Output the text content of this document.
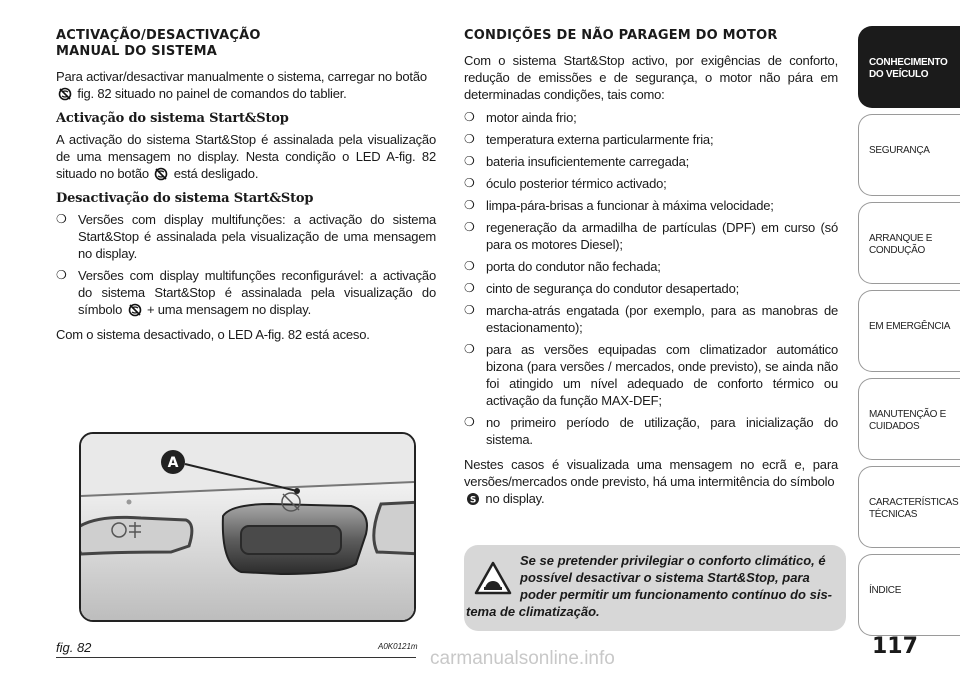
ACTIVAÇÃO/DESACTIVAÇÃO
MANUAL DO SISTEMA

Para activar/desactivar manualmente o sistema, carregar no botão
fig. 82 situado no painel de comandos do tablier.

Activação do sistema Start&Stop

A activação do sistema Start&Stop é assinalada pela visualização de uma mensagem no display. Nesta condição o LED A-fig. 82 situado no botão está desligado.

Desactivação do sistema Start&Stop
❍ Versões com display multifunções: a activação do sistema Start&Stop é assinalada pela visualização de uma mensagem no display.
❍ Versões com display multifunções reconfigurável: a activação do sistema Start&Stop é assinalada pela visualização do símbolo + uma mensagem no display.

Com o sistema desactivado, o LED A-fig. 82 está aceso.

A
fig. 82	A0K0121m
CONDIÇÕES DE NÃO PARAGEM DO MOTOR

Com o sistema Start&Stop activo, por exigências de conforto, redução de emissões e de segurança, o motor não pára em determinadas condições, tais como:

❍ motor ainda frio;
❍ temperatura externa particularmente fria;
❍ bateria insuficientemente carregada;
❍ óculo posterior térmico activado;
❍ limpa-pára-brisas a funcionar à máxima velocidade;
❍ regeneração da armadilha de partículas (DPF) em curso (só para os motores Diesel);
❍ porta do condutor não fechada;
❍ cinto de segurança do condutor desapertado;
❍ marcha-atrás engatada (por exemplo, para as manobras de estacionamento);
❍ para as versões equipadas com climatizador automático bizona (para versões / mercados, onde previsto), se ainda não foi atingido um nível adequado de conforto térmico ou activação da função MAX-DEF;
❍ no primeiro período de utilização, para inicialização do sistema.

Nestes casos é visualizada uma mensagem no ecrã e, para versões/mercados onde previsto, há uma intermitência do símbolo

S no display.

Se se pretender privilegiar o conforto climático, é possível desactivar o sistema Start&Stop, para poder permitir um funcionamento contínuo do sis-
tema de climatização.
CONHECIMENTO DO VEÍCULO
SEGURANÇA
ARRANQUE E CONDUÇÃO
EM EMERGÊNCIA
MANUTENÇÃO E CUIDADOS
CARACTERÍSTICAS TÉCNICAS
ÍNDICE
117
carmanualsonline.info
